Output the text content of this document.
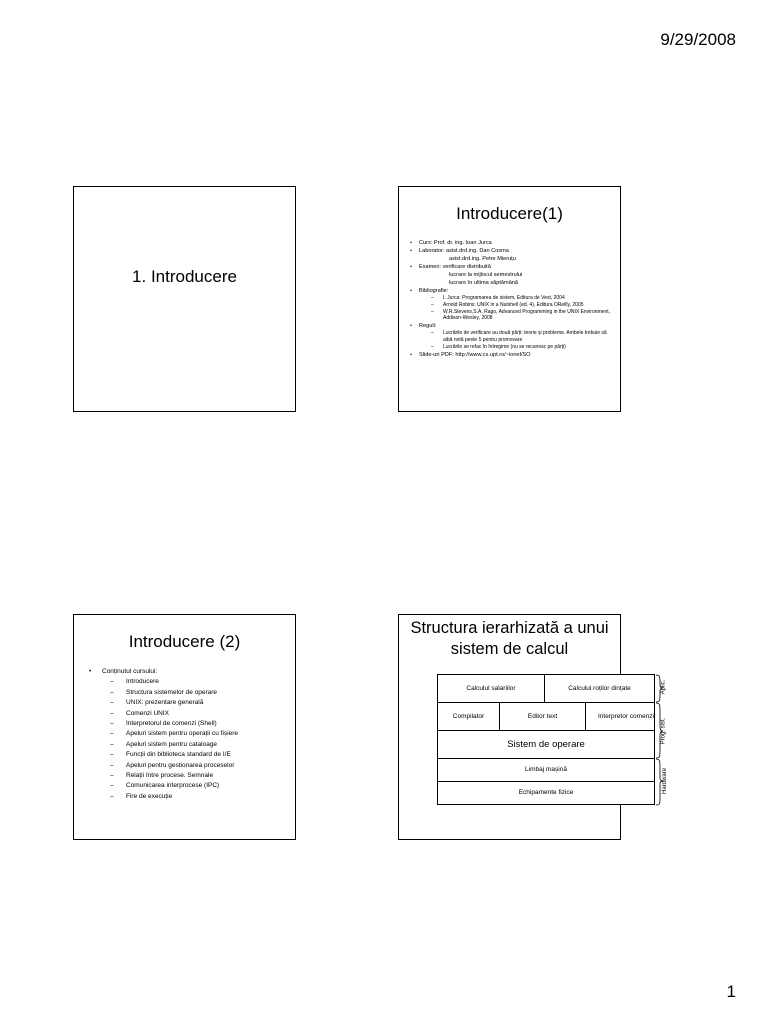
9/29/2008
1. Introducere
Introducere(1)
• Curs: Prof. dr. ing. Ioan Jurca
• Laborator: asist.drd.ing. Dan Cosma
asist.drd.ing. Petre Mieruțu
• Examen: verificare distribuită
lucrare la mijlocul semestrului
lucrare în ultima săptămână
• Bibliografie:
– I. Jurca: Programarea de sistem, Editura de Vest, 2004
– Arnold Robins: UNIX in a Nutshell (ed. 4), Editura OReilly, 2005
– W.R.Stevens,S.A. Rago, Advanced Programming in the UNIX Environment, Addison-Wesley, 2008
• Reguli:
– Lucrările de verificare au două părți: teorie și probleme. Ambele trebuie să aibă notă peste 5 pentru promovare
– Lucrările se refac în întregime (nu se recunosc pe părți)
• Slide-uri PDF: http://www.cs.upt.ro/~ionel/SO
Introducere (2)
• Conținutul cursului:
– Introducere
– Structura sistemelor de operare
– UNIX: prezentare generală
– Comenzi UNIX
– Interpretorul de comenzi (Shell)
– Apeluri sistem pentru operații cu fișiere
– Apeluri sistem pentru cataloage
– Funcții din biblioteca standard de I/E
– Apeluri pentru gestionarea proceselor
– Relații între procese. Semnale
– Comunicarea interprocese (IPC)
– Fire de execuție
Structura ierarhizată a unui sistem de calcul
Calculul salariilor	Calculul roților dințate
Compilator	Editor text	Interpretor comenzi
Sistem de operare
Limbaj mașină
Echipamente fizice
Aplic.
Prog. sist.
Hardware
1
